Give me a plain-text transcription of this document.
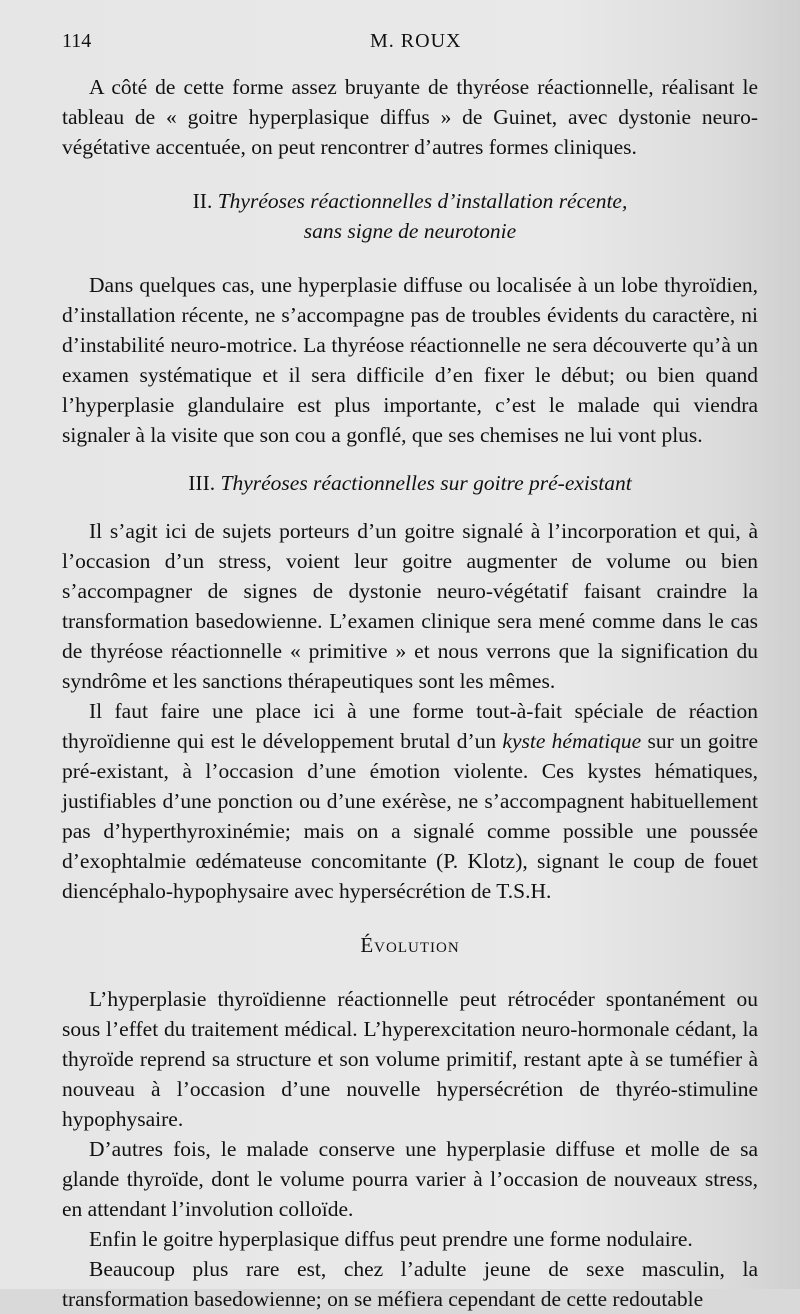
114	M. ROUX

A côté de cette forme assez bruyante de thyréose réactionnelle, réalisant le tableau de « goitre hyperplasique diffus » de Guinet, avec dystonie neuro-végétative accentuée, on peut rencontrer d’autres formes cliniques.

II. Thyréoses réactionnelles d’installation récente,
sans signe de neurotonie

Dans quelques cas, une hyperplasie diffuse ou localisée à un lobe thyroïdien, d’installation récente, ne s’accompagne pas de troubles évidents du caractère, ni d’instabilité neuro-motrice. La thyréose réactionnelle ne sera découverte qu’à un examen systématique et il sera difficile d’en fixer le début; ou bien quand l’hyperplasie glandulaire est plus importante, c’est le malade qui viendra signaler à la visite que son cou a gonflé, que ses chemises ne lui vont plus.

III. Thyréoses réactionnelles sur goitre pré-existant

Il s’agit ici de sujets porteurs d’un goitre signalé à l’incorporation et qui, à l’occasion d’un stress, voient leur goitre augmenter de volume ou bien s’accompagner de signes de dystonie neuro-végétatif faisant craindre la transformation basedowienne. L’examen clinique sera mené comme dans le cas de thyréose réactionnelle « primitive » et nous verrons que la signification du syndrôme et les sanctions thérapeutiques sont les mêmes.

Il faut faire une place ici à une forme tout-à-fait spéciale de réaction thyroïdienne qui est le développement brutal d’un kyste hématique sur un goitre pré-existant, à l’occasion d’une émotion violente. Ces kystes hématiques, justifiables d’une ponction ou d’une exérèse, ne s’accompagnent habituellement pas d’hyperthyroxinémie; mais on a signalé comme possible une poussée d’exophtalmie œdémateuse concomitante (P. Klotz), signant le coup de fouet diencéphalo-hypophysaire avec hypersécrétion de T.S.H.

Évolution

L’hyperplasie thyroïdienne réactionnelle peut rétrocéder spontanément ou sous l’effet du traitement médical. L’hyperexcitation neuro-hormonale cédant, la thyroïde reprend sa structure et son volume primitif, restant apte à se tuméfier à nouveau à l’occasion d’une nouvelle hypersécrétion de thyréo-stimuline hypophysaire.

D’autres fois, le malade conserve une hyperplasie diffuse et molle de sa glande thyroïde, dont le volume pourra varier à l’occasion de nouveaux stress, en attendant l’involution colloïde.

Enfin le goitre hyperplasique diffus peut prendre une forme nodulaire.

Beaucoup plus rare est, chez l’adulte jeune de sexe masculin, la transformation basedowienne; on se méfiera cependant de cette redoutable
